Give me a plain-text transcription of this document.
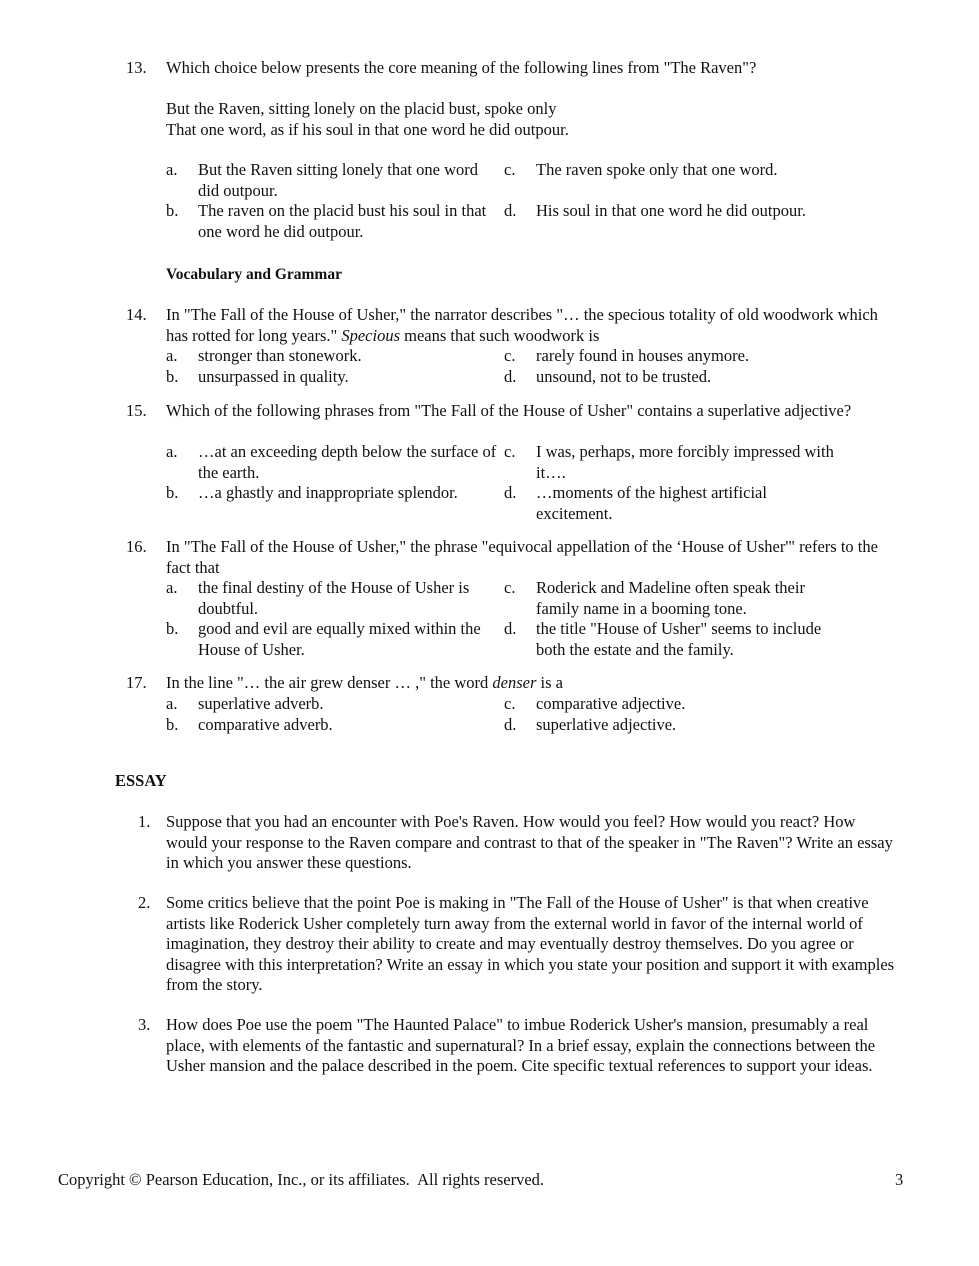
13.	Which choice below presents the core meaning of the following lines from "The Raven"?
But the Raven, sitting lonely on the placid bust, spoke only
That one word, as if his soul in that one word he did outpour.
a. But the Raven sitting lonely that one word did outpour.
c. The raven spoke only that one word.
b. The raven on the placid bust his soul in that one word he did outpour.
d. His soul in that one word he did outpour.
Vocabulary and Grammar
14.	In "The Fall of the House of Usher," the narrator describes "… the specious totality of old woodwork which has rotted for long years." Specious means that such woodwork is
a. stronger than stonework.	c. rarely found in houses anymore.
b. unsurpassed in quality.	d. unsound, not to be trusted.
15.	Which of the following phrases from "The Fall of the House of Usher" contains a superlative adjective?
a. …at an exceeding depth below the surface of the earth.
c. I was, perhaps, more forcibly impressed with it….
b. …a ghastly and inappropriate splendor.	d. …moments of the highest artificial excitement.
16.	In "The Fall of the House of Usher," the phrase "equivocal appellation of the ‘House of Usher'" refers to the fact that
a. the final destiny of the House of Usher is doubtful.
c. Roderick and Madeline often speak their family name in a booming tone.
b. good and evil are equally mixed within the House of Usher.
d. the title "House of Usher" seems to include both the estate and the family.
17.	In the line "… the air grew denser … ," the word denser is a
a. superlative adverb.	c. comparative adjective.
b. comparative adverb.	d. superlative adjective.
ESSAY
1. Suppose that you had an encounter with Poe's Raven. How would you feel? How would you react? How would your response to the Raven compare and contrast to that of the speaker in "The Raven"? Write an essay in which you answer these questions.
2. Some critics believe that the point Poe is making in "The Fall of the House of Usher" is that when creative artists like Roderick Usher completely turn away from the external world in favor of the internal world of imagination, they destroy their ability to create and may eventually destroy themselves. Do you agree or disagree with this interpretation? Write an essay in which you state your position and support it with examples from the story.
3. How does Poe use the poem "The Haunted Palace" to imbue Roderick Usher's mansion, presumably a real place, with elements of the fantastic and supernatural? In a brief essay, explain the connections between the Usher mansion and the palace described in the poem. Cite specific textual references to support your ideas.
Copyright © Pearson Education, Inc., or its affiliates.  All rights reserved.	3
